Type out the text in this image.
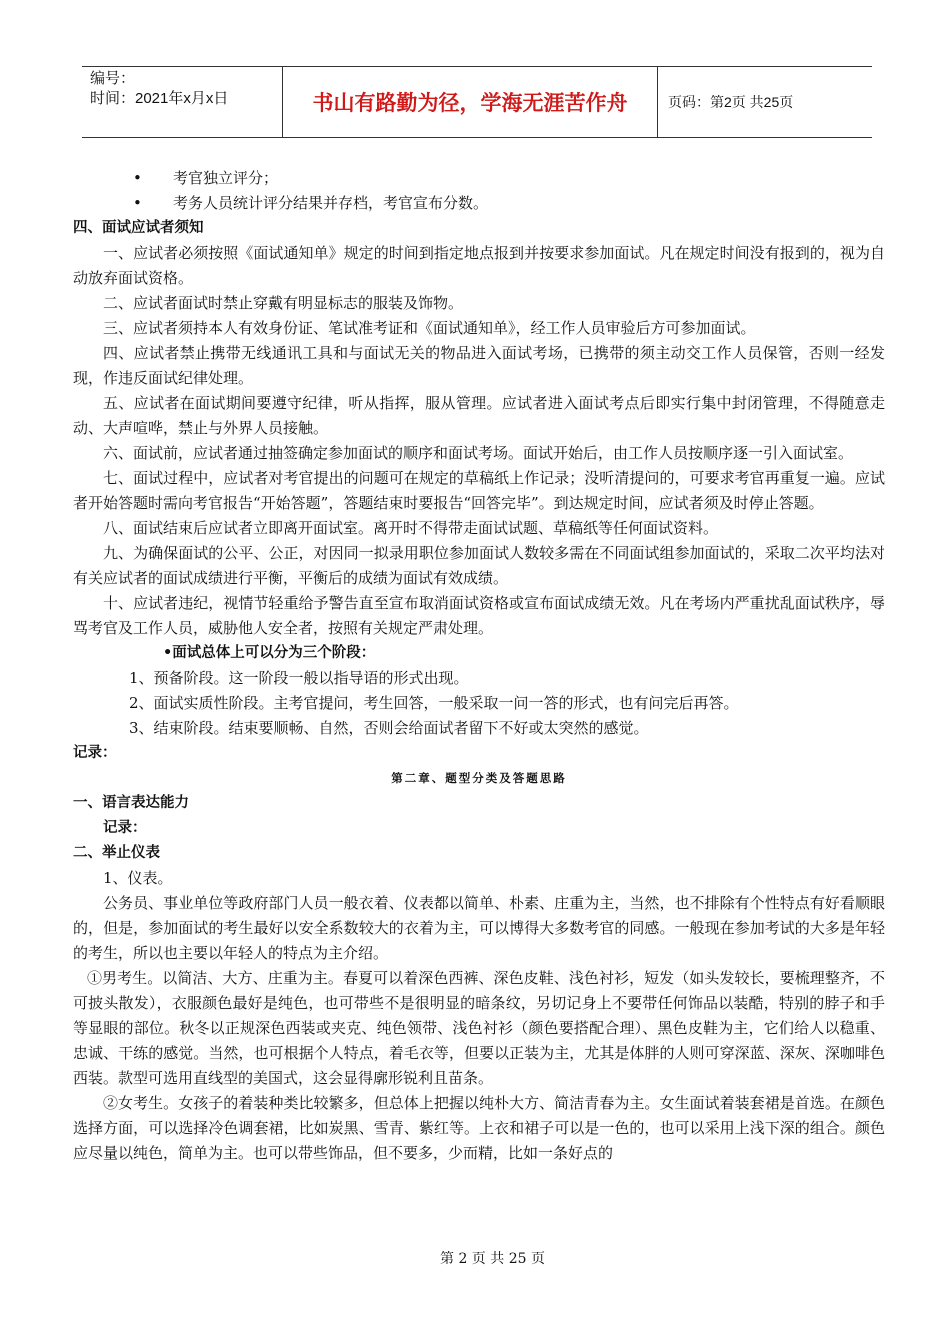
编号：
时间：2021年x月x日	书山有路勤为径，学海无涯苦作舟	页码：第2页 共25页

• 考官独立评分；

• 考务人员统计评分结果并存档，考官宣布分数。

四、面试应试者须知

一、应试者必须按照《面试通知单》规定的时间到指定地点报到并按要求参加面试。凡在规定时间没有报到的，视为自动放弃面试资格。

二、应试者面试时禁止穿戴有明显标志的服装及饰物。

三、应试者须持本人有效身份证、笔试准考证和《面试通知单》，经工作人员审验后方可参加面试。

四、应试者禁止携带无线通讯工具和与面试无关的物品进入面试考场，已携带的须主动交工作人员保管，否则一经发现，作违反面试纪律处理。

五、应试者在面试期间要遵守纪律，听从指挥，服从管理。应试者进入面试考点后即实行集中封闭管理，不得随意走动、大声喧哗，禁止与外界人员接触。

六、面试前，应试者通过抽签确定参加面试的顺序和面试考场。面试开始后，由工作人员按顺序逐一引入面试室。

七、面试过程中，应试者对考官提出的问题可在规定的草稿纸上作记录；没听清提问的，可要求考官再重复一遍。应试者开始答题时需向考官报告“开始答题”，答题结束时要报告“回答完毕”。到达规定时间，应试者须及时停止答题。

八、面试结束后应试者立即离开面试室。离开时不得带走面试试题、草稿纸等任何面试资料。

九、为确保面试的公平、公正，对因同一拟录用职位参加面试人数较多需在不同面试组参加面试的，采取二次平均法对有关应试者的面试成绩进行平衡，平衡后的成绩为面试有效成绩。

十、应试者违纪，视情节轻重给予警告直至宣布取消面试资格或宣布面试成绩无效。凡在考场内严重扰乱面试秩序，辱骂考官及工作人员，威胁他人安全者，按照有关规定严肃处理。

•面试总体上可以分为三个阶段：

1、预备阶段。这一阶段一般以指导语的形式出现。

2、面试实质性阶段。主考官提问，考生回答，一般采取一问一答的形式，也有问完后再答。

3、结束阶段。结束要顺畅、自然，否则会给面试者留下不好或太突然的感觉。

记录：

第二章、题型分类及答题思路

一、语言表达能力

记录：

二、举止仪表

1、仪表。

公务员、事业单位等政府部门人员一般衣着、仪表都以简单、朴素、庄重为主，当然，也不排除有个性特点有好看顺眼的，但是，参加面试的考生最好以安全系数较大的衣着为主，可以博得大多数考官的同感。一般现在参加考试的大多是年轻的考生，所以也主要以年轻人的特点为主介绍。

①男考生。以简洁、大方、庄重为主。春夏可以着深色西裤、深色皮鞋、浅色衬衫，短发（如头发较长，要梳理整齐，不可披头散发），衣服颜色最好是纯色，也可带些不是很明显的暗条纹，另切记身上不要带任何饰品以装酷，特别的脖子和手等显眼的部位。秋冬以正规深色西装或夹克、纯色领带、浅色衬衫（颜色要搭配合理）、黑色皮鞋为主，它们给人以稳重、忠诚、干练的感觉。当然，也可根据个人特点，着毛衣等，但要以正装为主，尤其是体胖的人则可穿深蓝、深灰、深咖啡色西装。款型可选用直线型的美国式，这会显得廓形锐利且苗条。

②女考生。女孩子的着装种类比较繁多，但总体上把握以纯朴大方、简洁青春为主。女生面试着装套裙是首选。在颜色选择方面，可以选择冷色调套裙，比如炭黑、雪青、紫红等。上衣和裙子可以是一色的，也可以采用上浅下深的组合。颜色应尽量以纯色，简单为主。也可以带些饰品，但不要多，少而精，比如一条好点的

第 2 页 共 25 页
